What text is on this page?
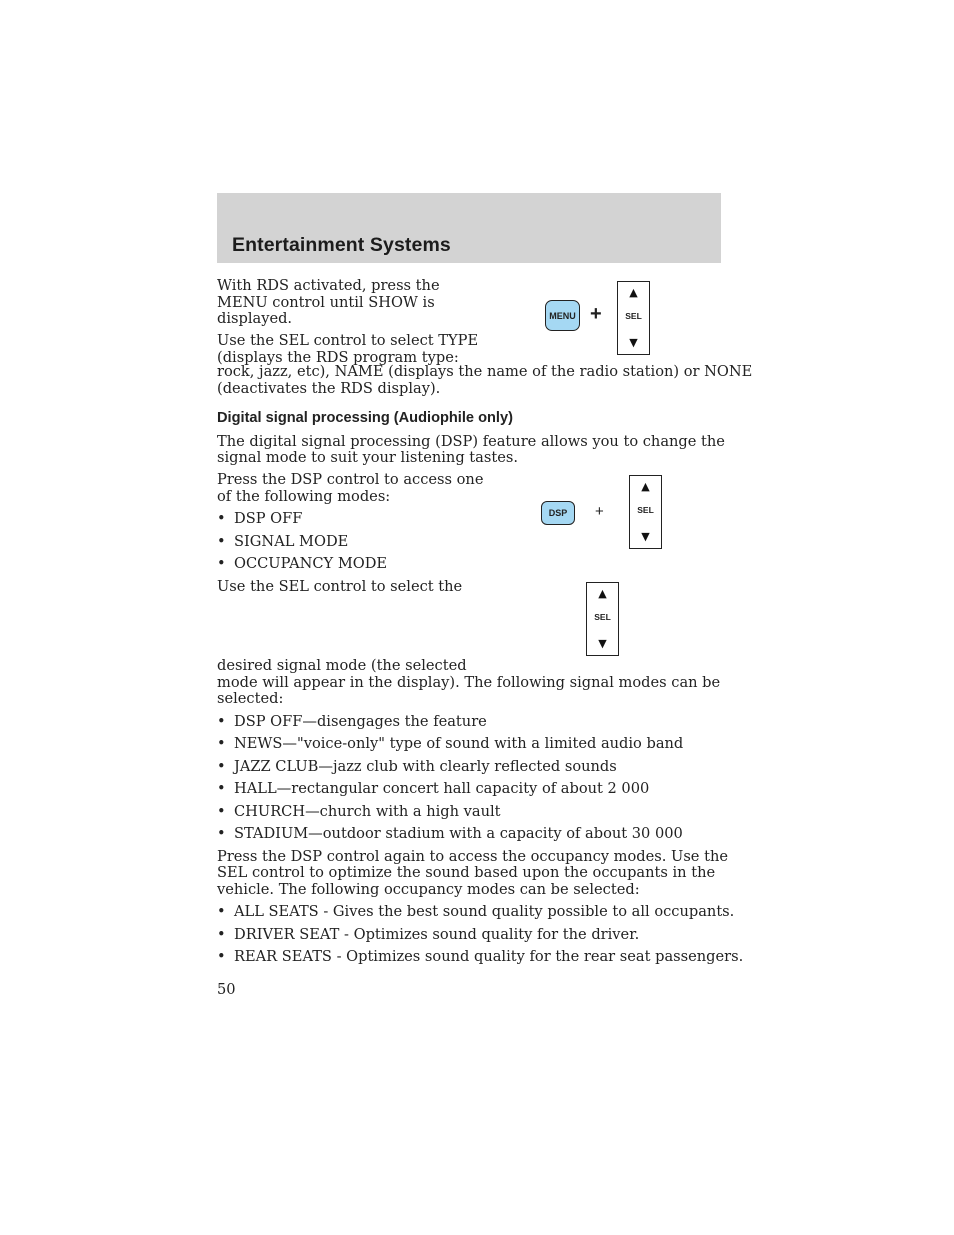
Entertainment Systems

With RDS activated, press the

MENU control until SHOW is

displayed.

Use the SEL control to select TYPE

(displays the RDS program type:

rock, jazz, etc), NAME (displays the name of the radio station) or NONE

(deactivates the RDS display).

MENU +
▲
SEL
▼

Digital signal processing (Audiophile only)

The digital signal processing (DSP) feature allows you to change the

signal mode to suit your listening tastes.

Press the DSP control to access one

of the following modes:

• DSP OFF

• SIGNAL MODE

• OCCUPANCY MODE

DSP	+
▲
SEL
▼

Use the SEL control to select the	▲
SEL
▼

desired signal mode (the selected

mode will appear in the display). The following signal modes can be

selected:

• DSP OFF—disengages the feature

• NEWS—"voice-only" type of sound with a limited audio band

• JAZZ CLUB—jazz club with clearly reflected sounds

• HALL—rectangular concert hall capacity of about 2 000

• CHURCH—church with a high vault

• STADIUM—outdoor stadium with a capacity of about 30 000

Press the DSP control again to access the occupancy modes. Use the

SEL control to optimize the sound based upon the occupants in the

vehicle. The following occupancy modes can be selected:

• ALL SEATS - Gives the best sound quality possible to all occupants.

• DRIVER SEAT - Optimizes sound quality for the driver.

• REAR SEATS - Optimizes sound quality for the rear seat passengers.

50
